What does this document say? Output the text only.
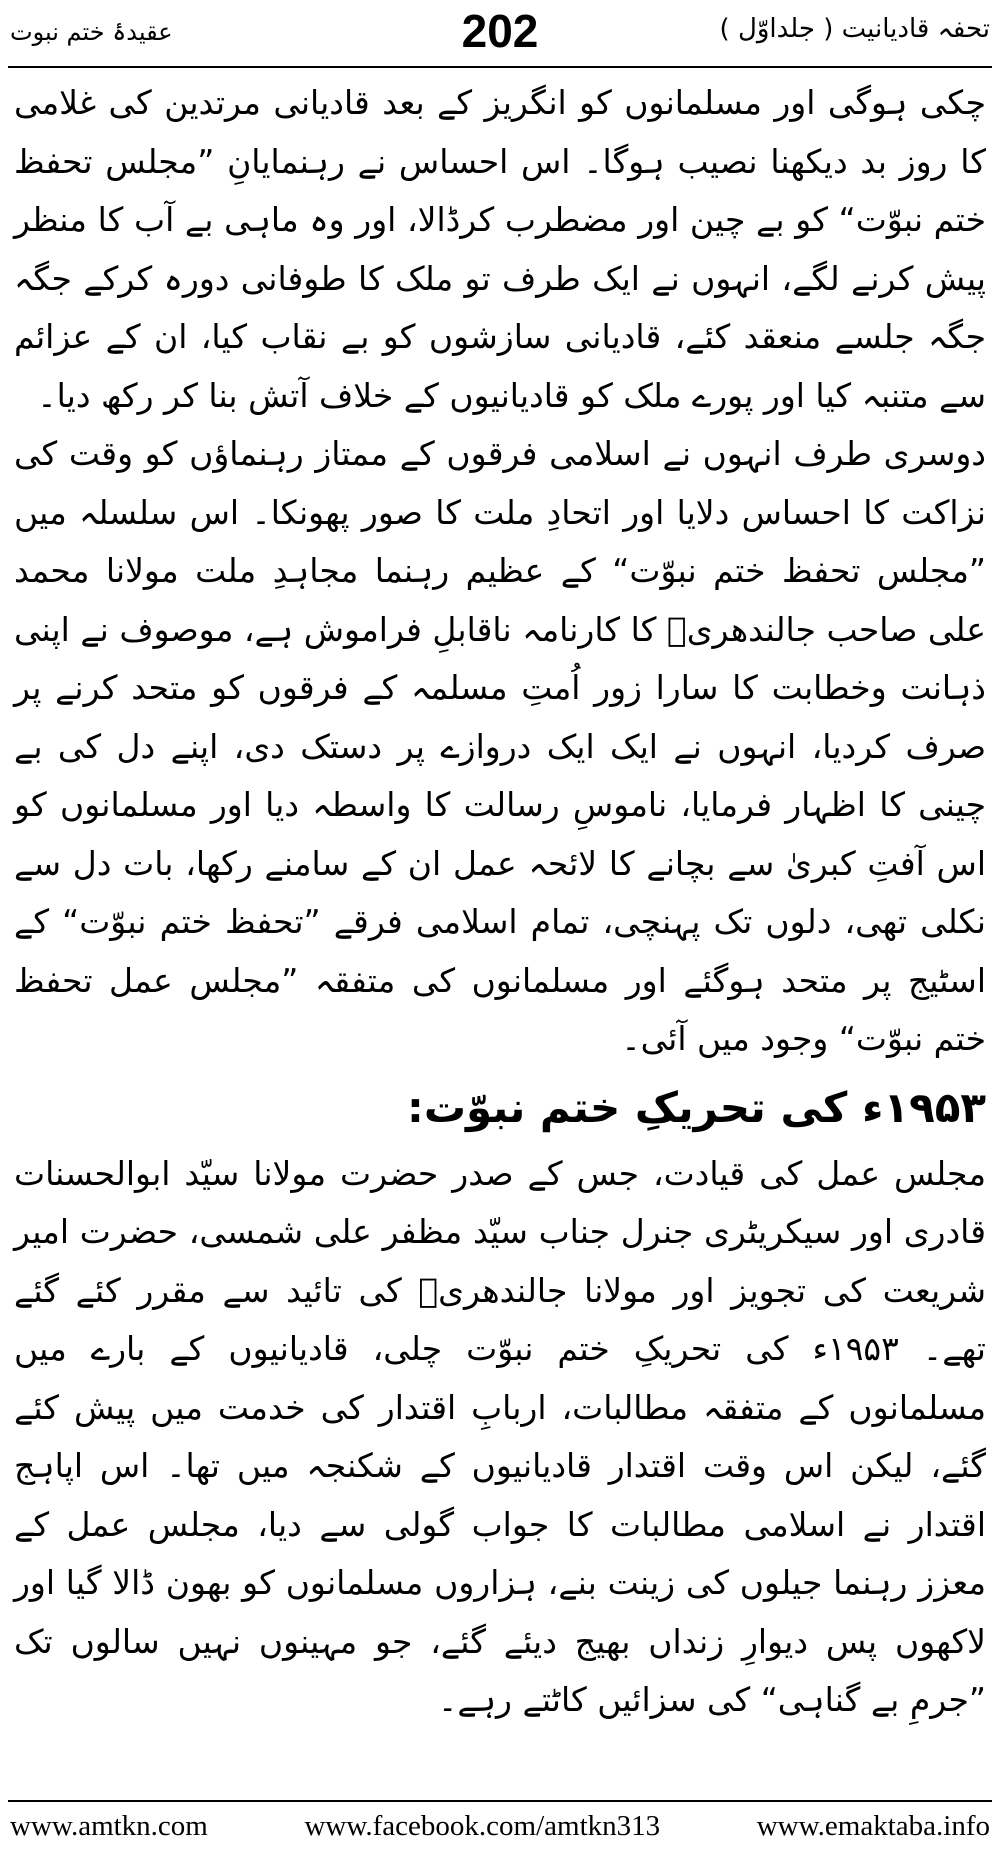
تحفہ قادیانیت ( جلداوّل )
202
عقیدۂ ختم نبوت

چکی ہوگی اور مسلمانوں کو انگریز کے بعد قادیانی مرتدین کی غلامی کا روز بد دیکھنا نصیب ہوگا۔ اس احساس نے رہنمایانِ ”مجلس تحفظ ختم نبوّت“ کو بے چین اور مضطرب کرڈالا، اور وہ ماہی بے آب کا منظر پیش کرنے لگے، انہوں نے ایک طرف تو ملک کا طوفانی دورہ کرکے جگہ جگہ جلسے منعقد کئے، قادیانی سازشوں کو بے نقاب کیا، ان کے عزائم سے متنبہ کیا اور پورے ملک کو قادیانیوں کے خلاف آتش بنا کر رکھ دیا۔

دوسری طرف انہوں نے اسلامی فرقوں کے ممتاز رہنماؤں کو وقت کی نزاکت کا احساس دلایا اور اتحادِ ملت کا صور پھونکا۔ اس سلسلہ میں ”مجلس تحفظ ختم نبوّت“ کے عظیم رہنما مجاہدِ ملت مولانا محمد علی صاحب جالندھریؒ کا کارنامہ ناقابلِ فراموش ہے، موصوف نے اپنی ذہانت وخطابت کا سارا زور اُمتِ مسلمہ کے فرقوں کو متحد کرنے پر صرف کردیا، انہوں نے ایک ایک دروازے پر دستک دی، اپنے دل کی بے چینی کا اظہار فرمایا، ناموسِ رسالت کا واسطہ دیا اور مسلمانوں کو اس آفتِ کبریٰ سے بچانے کا لائحہ عمل ان کے سامنے رکھا، بات دل سے نکلی تھی، دلوں تک پہنچی، تمام اسلامی فرقے ”تحفظ ختم نبوّت“ کے اسٹیج پر متحد ہوگئے اور مسلمانوں کی متفقہ ”مجلس عمل تحفظ ختم نبوّت“ وجود میں آئی۔

۱۹۵۳ء کی تحریکِ ختم نبوّت:

مجلس عمل کی قیادت، جس کے صدر حضرت مولانا سیّد ابوالحسنات قادری اور سیکریٹری جنرل جناب سیّد مظفر علی شمسی، حضرت امیر شریعت کی تجویز اور مولانا جالندھریؒ کی تائید سے مقرر کئے گئے تھے۔ ۱۹۵۳ء کی تحریکِ ختم نبوّت چلی، قادیانیوں کے بارے میں مسلمانوں کے متفقہ مطالبات، اربابِ اقتدار کی خدمت میں پیش کئے گئے، لیکن اس وقت اقتدار قادیانیوں کے شکنجہ میں تھا۔ اس اپاہج اقتدار نے اسلامی مطالبات کا جواب گولی سے دیا، مجلس عمل کے معزز رہنما جیلوں کی زینت بنے، ہزاروں مسلمانوں کو بھون ڈالا گیا اور لاکھوں پس دیوارِ زنداں بھیج دیئے گئے، جو مہینوں نہیں سالوں تک ”جرمِ بے گناہی“ کی سزائیں کاٹتے رہے۔

www.amtkn.com	www.facebook.com/amtkn313	www.emaktaba.info
